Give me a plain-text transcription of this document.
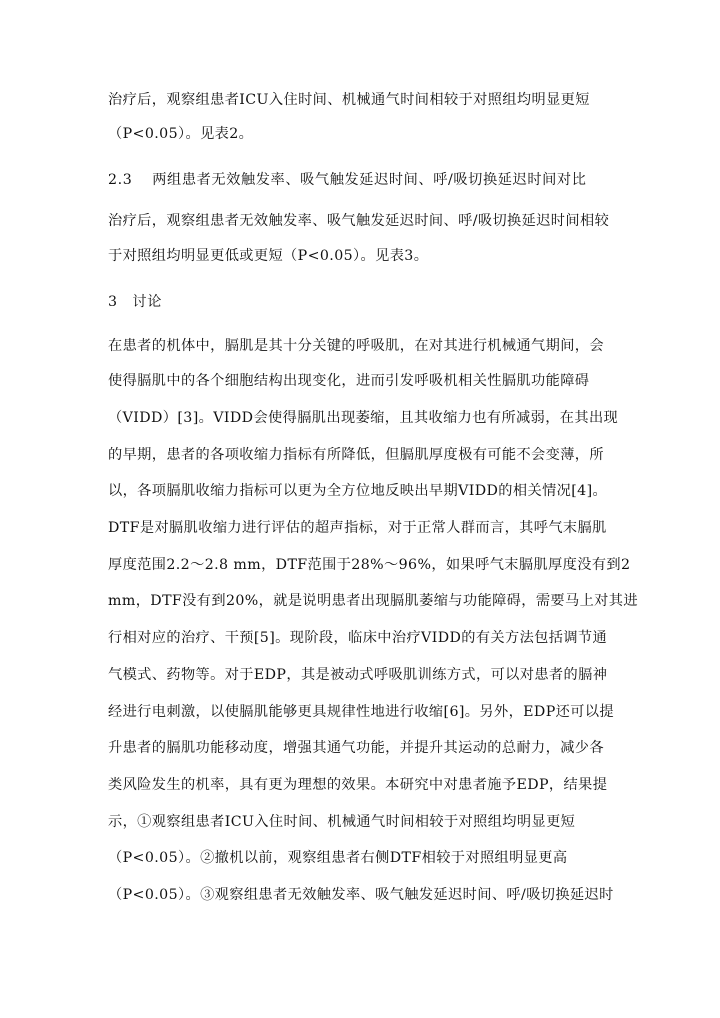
治疗后，观察组患者ICU入住时间、机械通气时间相较于对照组均明显更短
（P<0.05）。见表2。
2.3　 两组患者无效触发率、吸气触发延迟时间、呼/吸切换延迟时间对比
治疗后，观察组患者无效触发率、吸气触发延迟时间、呼/吸切换延迟时间相较
于对照组均明显更低或更短（P<0.05）。见表3。
3　讨论
在患者的机体中，膈肌是其十分关键的呼吸肌，在对其进行机械通气期间，会
使得膈肌中的各个细胞结构出现变化，进而引发呼吸机相关性膈肌功能障碍
（VIDD）[3]。VIDD会使得膈肌出现萎缩，且其收缩力也有所减弱，在其出现
的早期，患者的各项收缩力指标有所降低，但膈肌厚度极有可能不会变薄，所
以，各项膈肌收缩力指标可以更为全方位地反映出早期VIDD的相关情况[4]。
DTF是对膈肌收缩力进行评估的超声指标，对于正常人群而言，其呼气末膈肌
厚度范围2.2～2.8 mm，DTF范围于28%～96%，如果呼气末膈肌厚度没有到2
mm，DTF没有到20%，就是说明患者出现膈肌萎缩与功能障碍，需要马上对其进
行相对应的治疗、干预[5]。现阶段，临床中治疗VIDD的有关方法包括调节通
气模式、药物等。对于EDP，其是被动式呼吸肌训练方式，可以对患者的膈神
经进行电刺激，以使膈肌能够更具规律性地进行收缩[6]。另外，EDP还可以提
升患者的膈肌功能移动度，增强其通气功能，并提升其运动的总耐力，减少各
类风险发生的机率，具有更为理想的效果。本研究中对患者施予EDP，结果提
示，①观察组患者ICU入住时间、机械通气时间相较于对照组均明显更短
（P<0.05）。②撤机以前，观察组患者右侧DTF相较于对照组明显更高
（P<0.05）。③观察组患者无效触发率、吸气触发延迟时间、呼/吸切换延迟时
